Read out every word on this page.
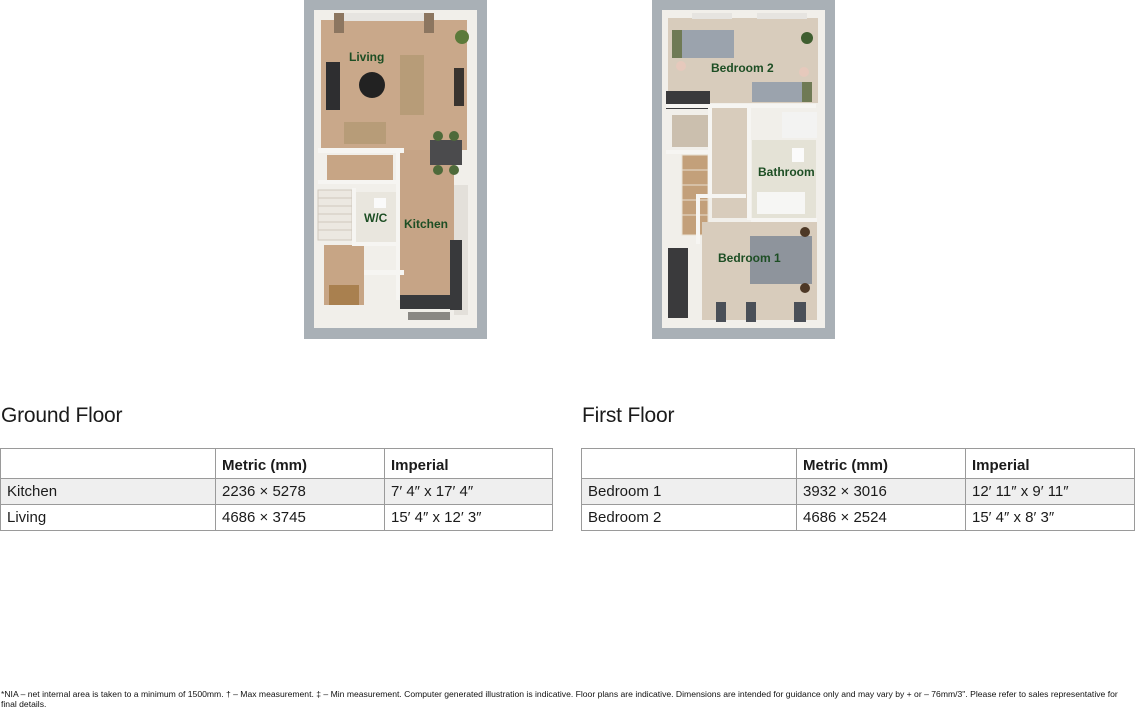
Living
W/C Kitchen
Bedroom 2
Bathroom
Bedroom 1
Ground Floor
	Metric (mm)	Imperial
Kitchen	2236 × 5278	7′ 4″ x 17′ 4″
Living	4686 × 3745	15′ 4″ x 12′ 3″
First Floor
	Metric (mm)	Imperial
Bedroom 1	3932 × 3016	12′ 11″ x 9′ 11″
Bedroom 2	4686 × 2524	15′ 4″ x 8′ 3″
*NIA – net internal area is taken to a minimum of 1500mm. † – Max measurement. ‡ – Min measurement. Computer generated illustration is indicative. Floor plans are indicative. Dimensions are intended for guidance only and may vary by + or – 76mm/3". Please refer to sales representative for final details.
